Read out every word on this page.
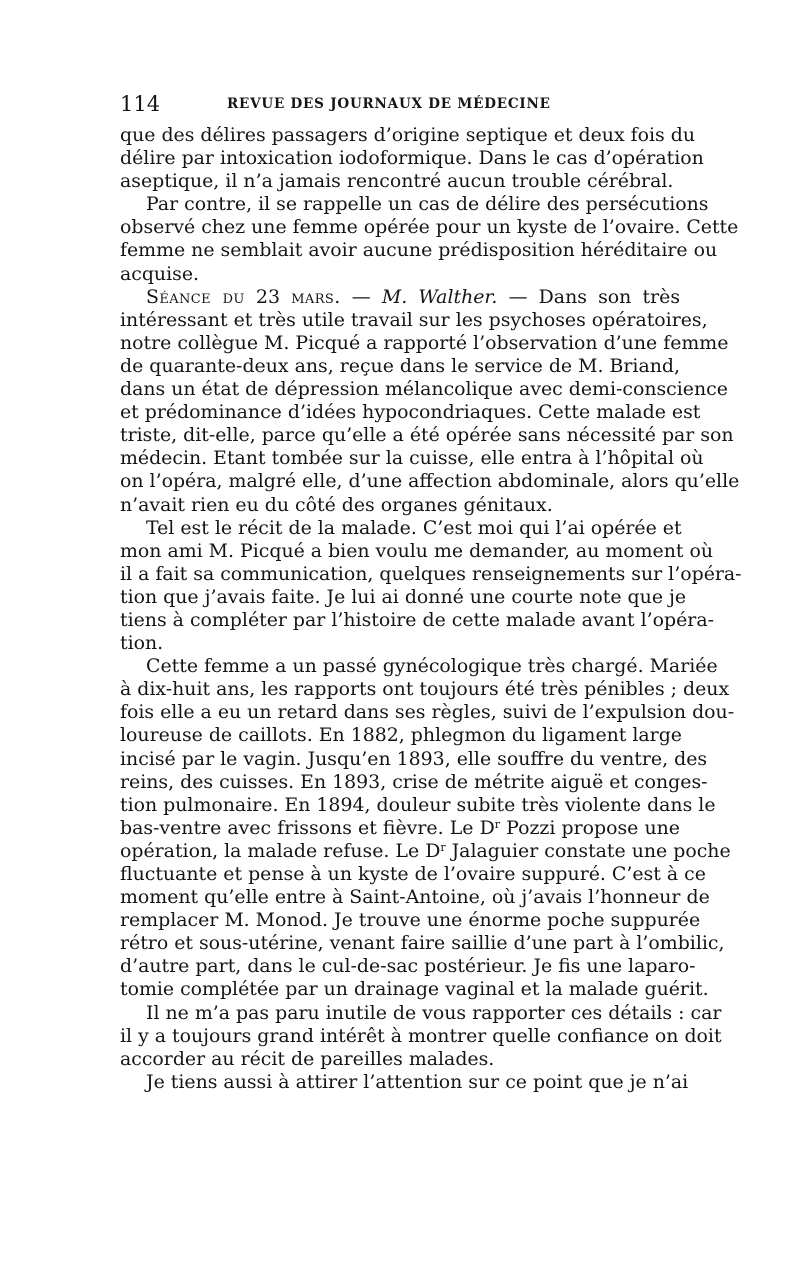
114	REVUE DES JOURNAUX DE MÉDECINE
que des délires passagers d’origine septique et deux fois du
délire par intoxication iodoformique. Dans le cas d’opération
aseptique, il n’a jamais rencontré aucun trouble cérébral.
Par contre, il se rappelle un cas de délire des persécutions
observé chez une femme opérée pour un kyste de l’ovaire. Cette
femme ne semblait avoir aucune prédisposition héréditaire ou
acquise.
Séance du 23 mars. — M. Walther. — Dans son très
intéressant et très utile travail sur les psychoses opératoires,
notre collègue M. Picqué a rapporté l’observation d’une femme
de quarante-deux ans, reçue dans le service de M. Briand,
dans un état de dépression mélancolique avec demi-conscience
et prédominance d’idées hypocondriaques. Cette malade est
triste, dit-elle, parce qu’elle a été opérée sans nécessité par son
médecin. Etant tombée sur la cuisse, elle entra à l’hôpital où
on l’opéra, malgré elle, d’une affection abdominale, alors qu’elle
n’avait rien eu du côté des organes génitaux.
Tel est le récit de la malade. C’est moi qui l’ai opérée et
mon ami M. Picqué a bien voulu me demander, au moment où
il a fait sa communication, quelques renseignements sur l’opéra-
tion que j’avais faite. Je lui ai donné une courte note que je
tiens à compléter par l’histoire de cette malade avant l’opéra-
tion.
Cette femme a un passé gynécologique très chargé. Mariée
à dix-huit ans, les rapports ont toujours été très pénibles ; deux
fois elle a eu un retard dans ses règles, suivi de l’expulsion dou-
loureuse de caillots. En 1882, phlegmon du ligament large
incisé par le vagin. Jusqu’en 1893, elle souffre du ventre, des
reins, des cuisses. En 1893, crise de métrite aiguë et conges-
tion pulmonaire. En 1894, douleur subite très violente dans le
bas-ventre avec frissons et fièvre. Le $D^r$ Pozzi propose une
opération, la malade refuse. Le $D^r$ Jalaguier constate une poche
fluctuante et pense à un kyste de l’ovaire suppuré. C’est à ce
moment qu’elle entre à Saint-Antoine, où j’avais l’honneur de
remplacer M. Monod. Je trouve une énorme poche suppurée
rétro et sous-utérine, venant faire saillie d’une part à l’ombilic,
d’autre part, dans le cul-de-sac postérieur. Je fis une laparo-
tomie complétée par un drainage vaginal et la malade guérit.
Il ne m’a pas paru inutile de vous rapporter ces détails : car
il y a toujours grand intérêt à montrer quelle confiance on doit
accorder au récit de pareilles malades.
Je tiens aussi à attirer l’attention sur ce point que je n’ai
